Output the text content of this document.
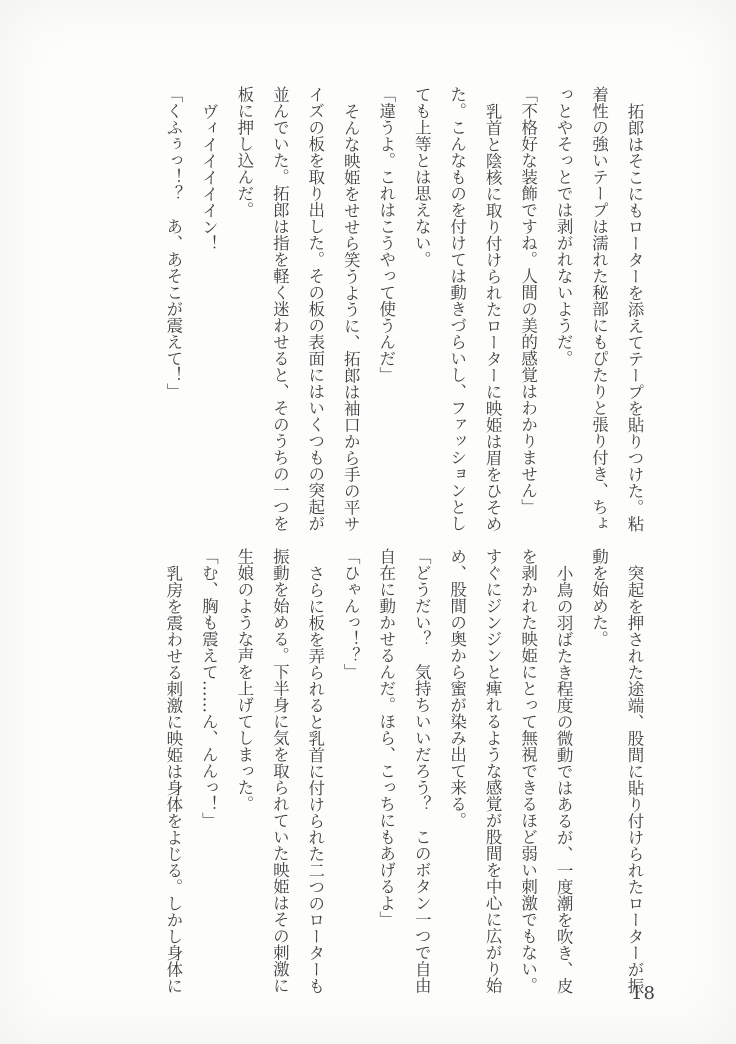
拓郎はそこにもローターを添えてテープを貼りつけた。粘着性の強いテープは濡れた秘部にもぴたりと張り付き、ちょっとやそっとでは剥がれないようだ。

「不格好な装飾ですね。人間の美的感覚はわかりません」

乳首と陰核に取り付けられたローターに映姫は眉をひそめた。こんなものを付けては動きづらいし、ファッションとしても上等とは思えない。

「違うよ。これはこうやって使うんだ」

そんな映姫をせせら笑うように、拓郎は袖口から手の平サイズの板を取り出した。その板の表面にはいくつもの突起が並んでいた。拓郎は指を軽く迷わせると、そのうちの一つを板に押し込んだ。

ヴィイイイイイン！

「くふぅっ！？　あ、あそこが震えて！」

突起を押された途端、股間に貼り付けられたローターが振動を始めた。

小鳥の羽ばたき程度の微動ではあるが、一度潮を吹き、皮を剥かれた映姫にとって無視できるほど弱い刺激でもない。すぐにジンジンと痺れるような感覚が股間を中心に広がり始め、股間の奥から蜜が染み出て来る。

「どうだい？　気持ちいいだろう？　このボタン一つで自由自在に動かせるんだ。ほら、こっちにもあげるよ」

「ひゃんっ！？」

さらに板を弄られると乳首に付けられた二つのローターも振動を始める。下半身に気を取られていた映姫はその刺激に生娘のような声を上げてしまった。

「む、胸も震えて……ん、んんっ！」

乳房を震わせる刺激に映姫は身体をよじる。しかし身体に	18
